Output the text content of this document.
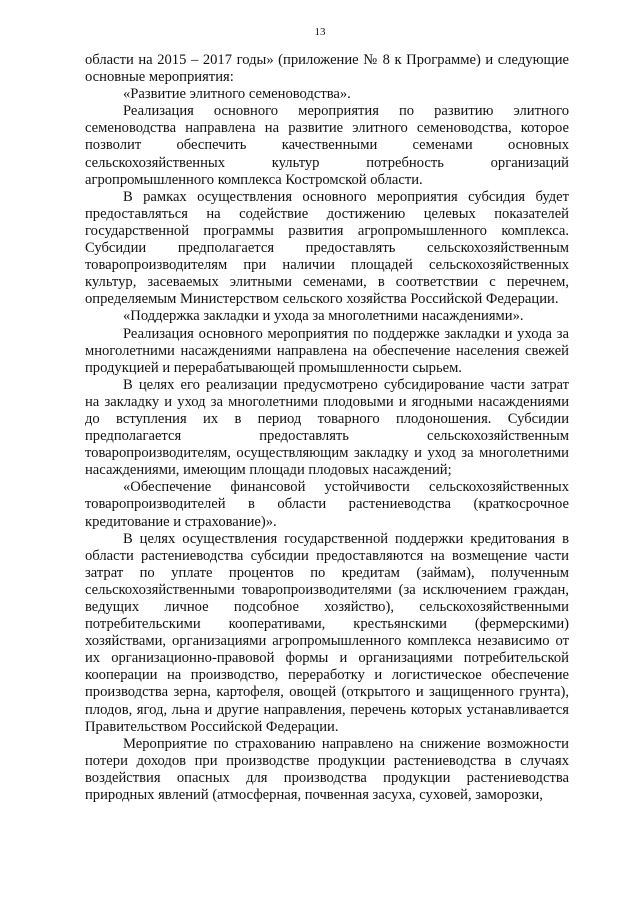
13

области на 2015 – 2017 годы» (приложение № 8 к Программе) и следующие основные мероприятия:

«Развитие элитного семеноводства».

Реализация основного мероприятия по развитию элитного семеноводства направлена на развитие элитного семеноводства, которое позволит обеспечить качественными семенами основных сельскохозяйственных культур потребность организаций агропромышленного комплекса Костромской области.

В рамках осуществления основного мероприятия субсидия будет предоставляться на содействие достижению целевых показателей государственной программы развития агропромышленного комплекса. Субсидии предполагается предоставлять сельскохозяйственным товаропроизводителям при наличии площадей сельскохозяйственных культур, засеваемых элитными семенами, в соответствии с перечнем, определяемым Министерством сельского хозяйства Российской Федерации.

«Поддержка закладки и ухода за многолетними насаждениями».

Реализация основного мероприятия по поддержке закладки и ухода за многолетними насаждениями направлена на обеспечение населения свежей продукцией и перерабатывающей промышленности сырьем.

В целях его реализации предусмотрено субсидирование части затрат на закладку и уход за многолетними плодовыми и ягодными насаждениями до вступления их в период товарного плодоношения. Субсидии предполагается предоставлять сельскохозяйственным товаропроизводителям, осуществляющим закладку и уход за многолетними насаждениями, имеющим площади плодовых насаждений;

«Обеспечение финансовой устойчивости сельскохозяйственных товаропроизводителей в области растениеводства (краткосрочное кредитование и страхование)».

В целях осуществления государственной поддержки кредитования в области растениеводства субсидии предоставляются на возмещение части затрат по уплате процентов по кредитам (займам), полученным сельскохозяйственными товаропроизводителями (за исключением граждан, ведущих личное подсобное хозяйство), сельскохозяйственными потребительскими кооперативами, крестьянскими (фермерскими) хозяйствами, организациями агропромышленного комплекса независимо от их организационно-правовой формы и организациями потребительской кооперации на производство, переработку и логистическое обеспечение производства зерна, картофеля, овощей (открытого и защищенного грунта), плодов, ягод, льна и другие направления, перечень которых устанавливается Правительством Российской Федерации.

Мероприятие по страхованию направлено на снижение возможности потери доходов при производстве продукции растениеводства в случаях воздействия опасных для производства продукции растениеводства природных явлений (атмосферная, почвенная засуха, суховей, заморозки,
